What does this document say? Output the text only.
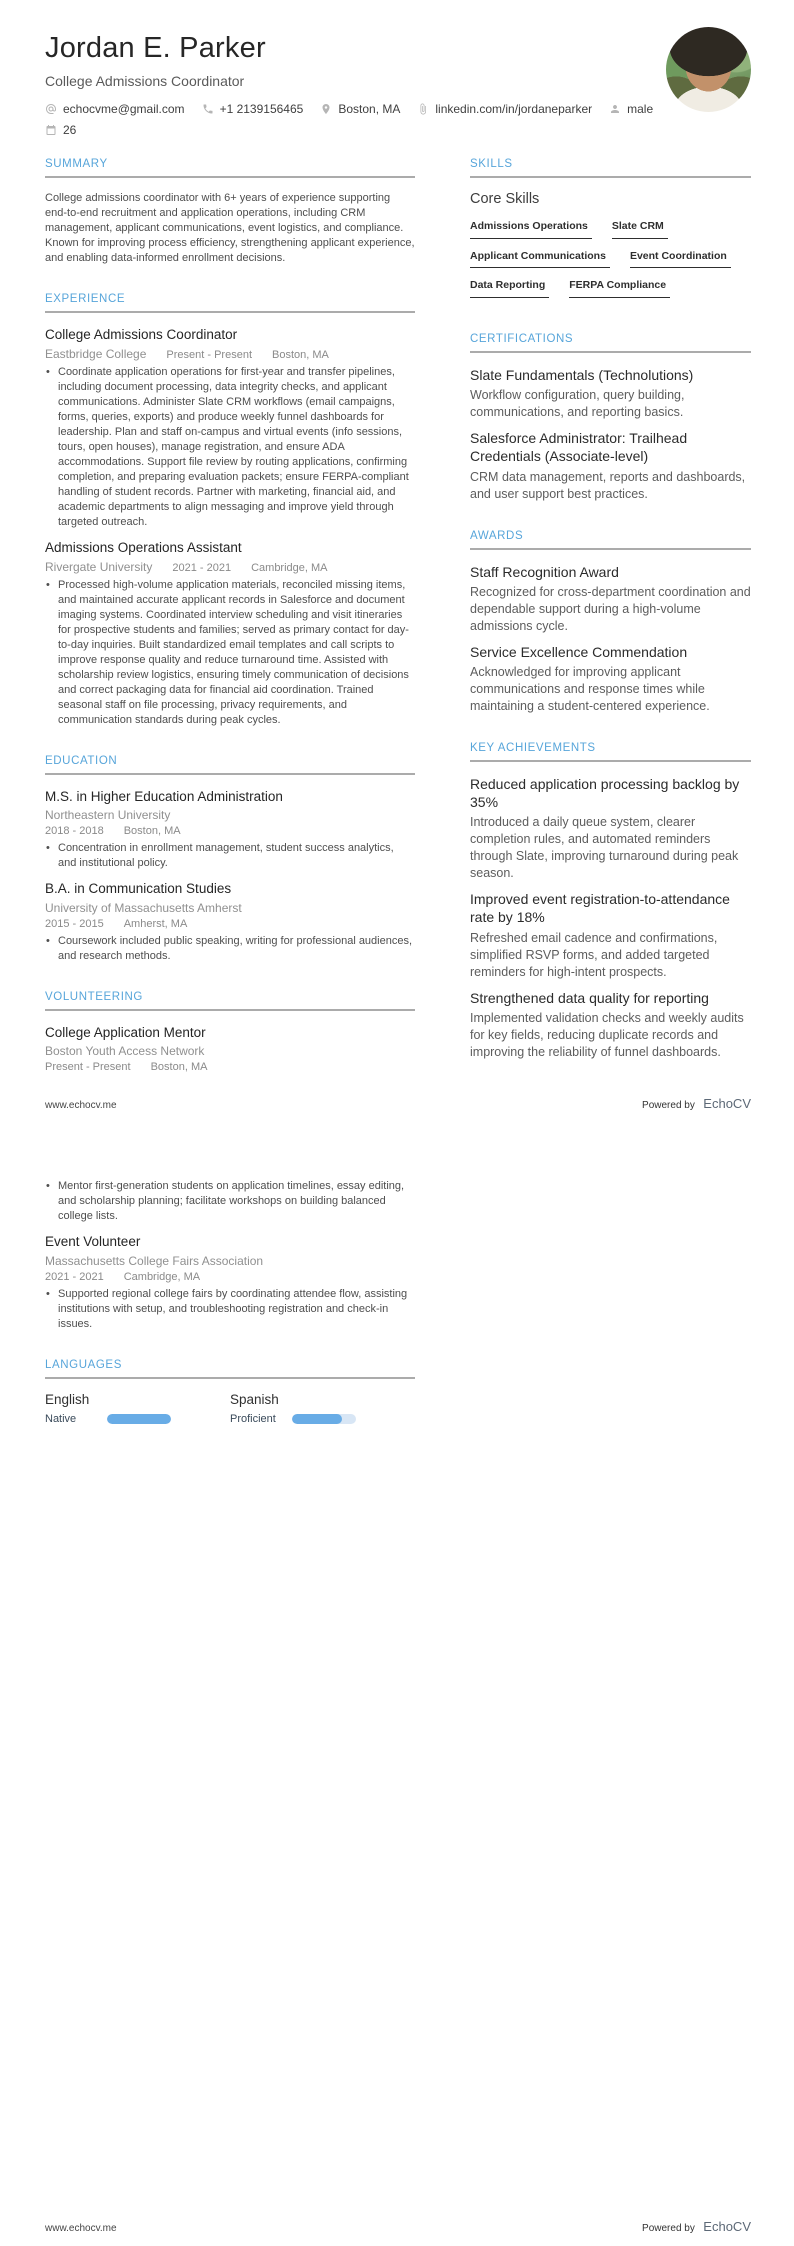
Jordan E. Parker
College Admissions Coordinator
echocvme@gmail.com	+1 2139156465	Boston, MA	linkedin.com/in/jordaneparker	male
26
SUMMARY
College admissions coordinator with 6+ years of experience supporting end-to-end recruitment and application operations, including CRM management, applicant communications, event logistics, and compliance. Known for improving process efficiency, strengthening applicant experience, and enabling data-informed enrollment decisions.
EXPERIENCE
College Admissions Coordinator
Eastbridge College Present - Present Boston, MA
• Coordinate application operations for first-year and transfer pipelines, including document processing, data integrity checks, and applicant communications. Administer Slate CRM workflows (email campaigns, forms, queries, exports) and produce weekly funnel dashboards for leadership. Plan and staff on-campus and virtual events (info sessions, tours, open houses), manage registration, and ensure ADA accommodations. Support file review by routing applications, confirming completion, and preparing evaluation packets; ensure FERPA-compliant handling of student records. Partner with marketing, financial aid, and academic departments to align messaging and improve yield through targeted outreach.
Admissions Operations Assistant
Rivergate University 2021 - 2021 Cambridge, MA
• Processed high-volume application materials, reconciled missing items, and maintained accurate applicant records in Salesforce and document imaging systems. Coordinated interview scheduling and visit itineraries for prospective students and families; served as primary contact for day-to-day inquiries. Built standardized email templates and call scripts to improve response quality and reduce turnaround time. Assisted with scholarship review logistics, ensuring timely communication of decisions and correct packaging data for financial aid coordination. Trained seasonal staff on file processing, privacy requirements, and communication standards during peak cycles.
EDUCATION
M.S. in Higher Education Administration
Northeastern University
2018 - 2018 Boston, MA
• Concentration in enrollment management, student success analytics, and institutional policy.
B.A. in Communication Studies
University of Massachusetts Amherst
2015 - 2015 Amherst, MA
• Coursework included public speaking, writing for professional audiences, and research methods.
VOLUNTEERING
College Application Mentor
Boston Youth Access Network
Present - Present Boston, MA
SKILLS
Core Skills
Admissions Operations Slate CRMApplicant Communications Event CoordinationData Reporting FERPA Compliance
CERTIFICATIONS
Slate Fundamentals (Technolutions)
Workflow configuration, query building, communications, and reporting basics.
Salesforce Administrator: Trailhead Credentials (Associate-level)
CRM data management, reports and dashboards, and user support best practices.
AWARDS
Staff Recognition Award
Recognized for cross-department coordination and dependable support during a high-volume admissions cycle.
Service Excellence Commendation
Acknowledged for improving applicant communications and response times while maintaining a student-centered experience.
KEY ACHIEVEMENTS
Reduced application processing backlog by 35%
Introduced a daily queue system, clearer completion rules, and automated reminders through Slate, improving turnaround during peak season.
Improved event registration-to-attendance rate by 18%
Refreshed email cadence and confirmations, simplified RSVP forms, and added targeted reminders for high-intent prospects.
Strengthened data quality for reporting
Implemented validation checks and weekly audits for key fields, reducing duplicate records and improving the reliability of funnel dashboards.
www.echocv.me	Powered by EchoCV
• Mentor first-generation students on application timelines, essay editing, and scholarship planning; facilitate workshops on building balanced college lists.
Event Volunteer
Massachusetts College Fairs Association
2021 - 2021 Cambridge, MA
• Supported regional college fairs by coordinating attendee flow, assisting institutions with setup, and troubleshooting registration and check-in issues.
LANGUAGES
English
Native
Spanish
Proficient
www.echocv.me	Powered by EchoCV
